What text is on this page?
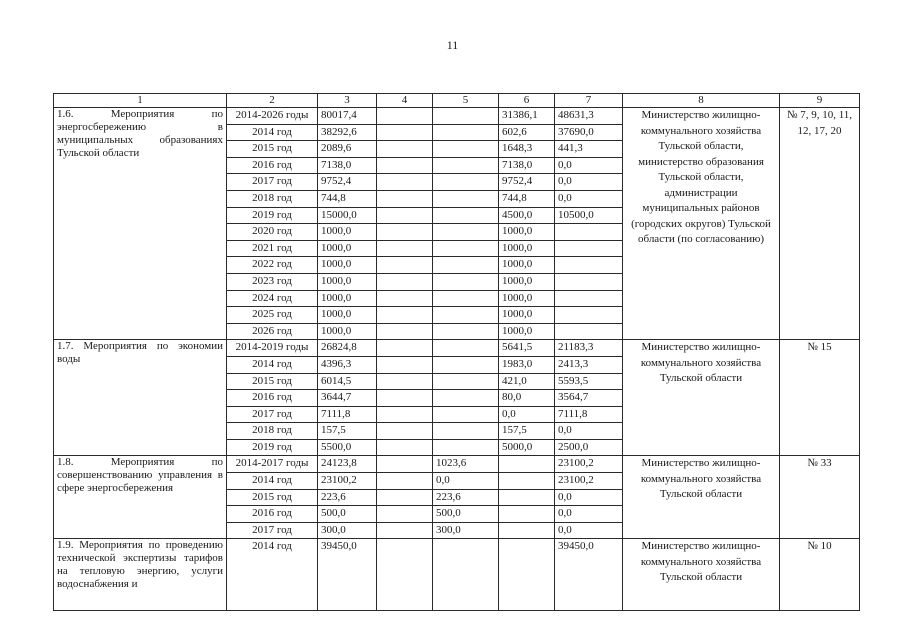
11
1	2	3	4	5	6	7	8	9
1.6. Мероприятия по энергосбережению в муниципальных образованиях Тульской области	2014-2026 годы	80017,4			31386,1	48631,3	Министерство жилищно-коммунального хозяйства Тульской области, министерство образования Тульской области, администрации муниципальных районов (городских округов) Тульской области (по согласованию)	№ 7, 9, 10, 11, 12, 17, 20
	2014 год	38292,6			602,6	37690,0		
	2015 год	2089,6			1648,3	441,3		
	2016 год	7138,0			7138,0	0,0		
	2017 год	9752,4			9752,4	0,0		
	2018 год	744,8			744,8	0,0		
	2019 год	15000,0			4500,0	10500,0		
	2020 год	1000,0			1000,0			
	2021 год	1000,0			1000,0			
	2022 год	1000,0			1000,0			
	2023 год	1000,0			1000,0			
	2024 год	1000,0			1000,0			
	2025 год	1000,0			1000,0			
	2026 год	1000,0			1000,0			
1.7. Мероприятия по экономии воды	2014-2019 годы	26824,8			5641,5	21183,3	Министерство жилищно-коммунального хозяйства Тульской области	№ 15
	2014 год	4396,3			1983,0	2413,3		
	2015 год	6014,5			421,0	5593,5		
	2016 год	3644,7			80,0	3564,7		
	2017 год	7111,8			0,0	7111,8		
	2018 год	157,5			157,5	0,0		
	2019 год	5500,0			5000,0	2500,0		
1.8. Мероприятия по совершенствованию управления в сфере энергосбережения	2014-2017 годы	24123,8		1023,6		23100,2	Министерство жилищно-коммунального хозяйства Тульской области	№ 33
	2014 год	23100,2		0,0		23100,2		
	2015 год	223,6		223,6		0,0		
	2016 год	500,0		500,0		0,0		
	2017 год	300,0		300,0		0,0		
1.9. Мероприятия по проведению технической экспертизы тарифов на тепловую энергию, услуги водоснабжения и	2014 год	39450,0				39450,0	Министерство жилищно-коммунального хозяйства Тульской области	№ 10
